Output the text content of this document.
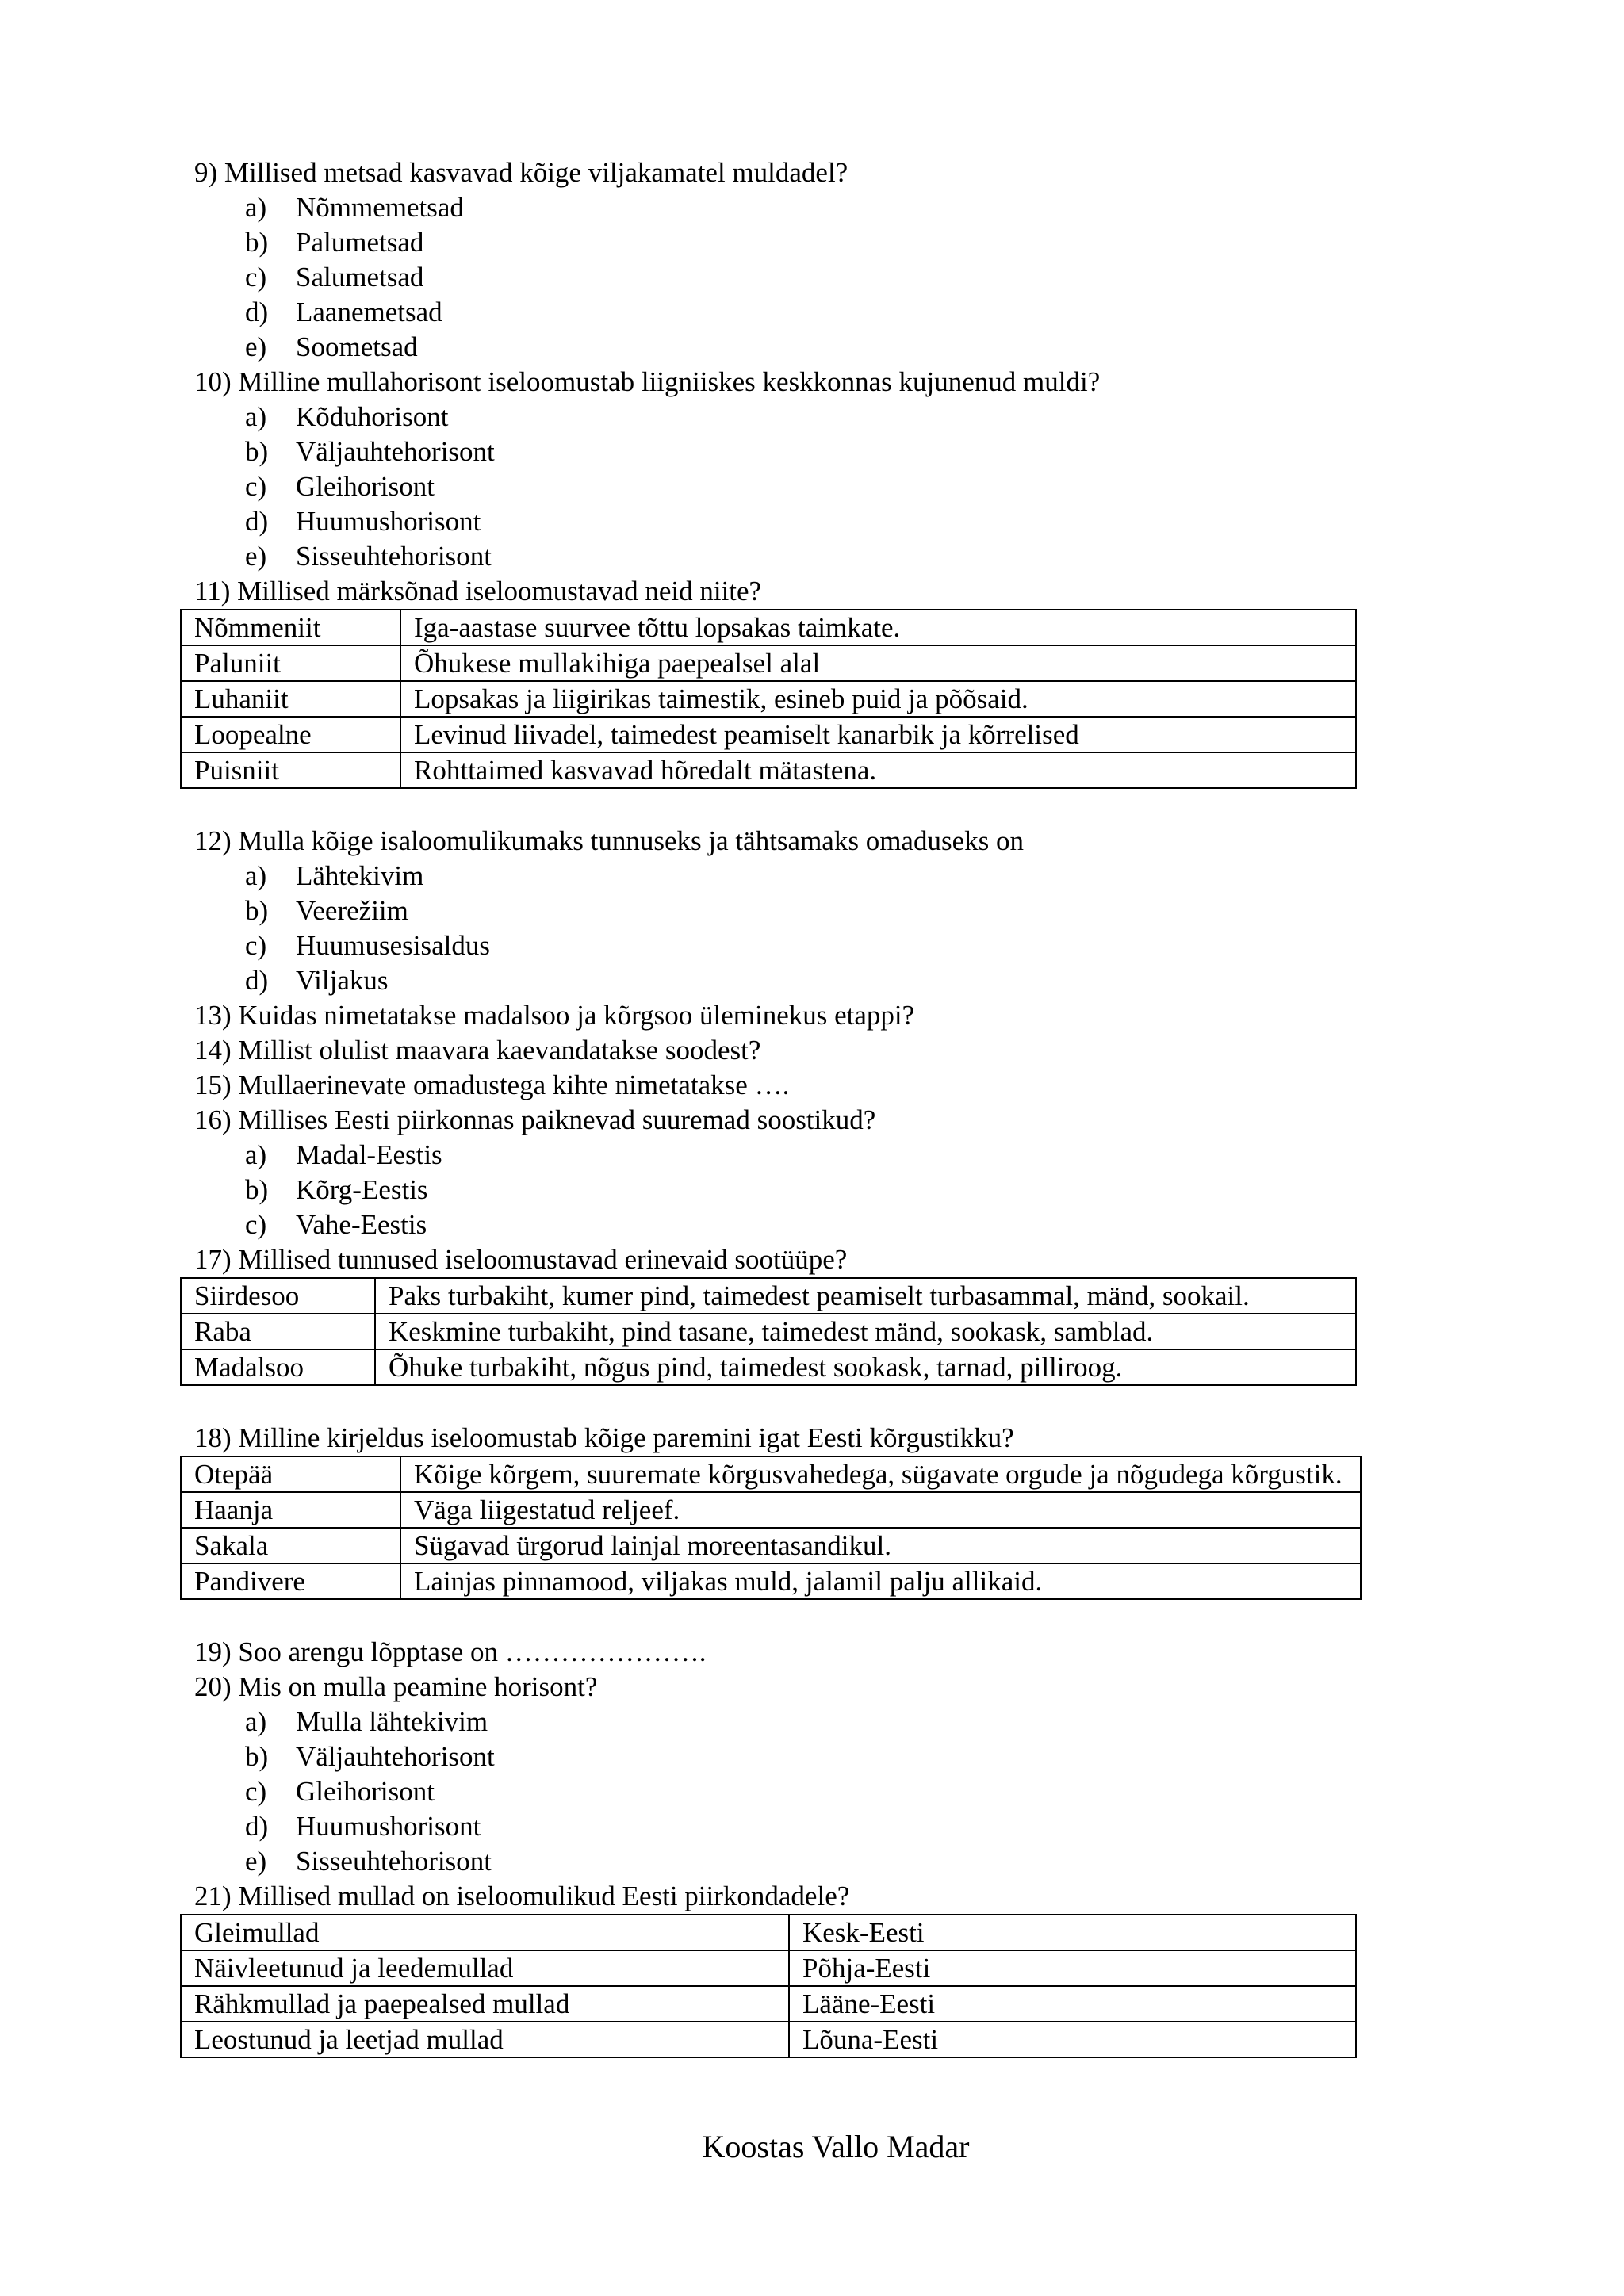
9) Millised metsad kasvavad kõige viljakamatel muldadel?
a) Nõmmemetsad
b) Palumetsad
c) Salumetsad
d) Laanemetsad
e) Soometsad
10) Milline mullahorisont iseloomustab liigniiskes keskkonnas kujunenud muldi?
a) Kõduhorisont
b) Väljauhtehorisont
c) Gleihorisont
d) Huumushorisont
e) Sisseuhtehorisont
11) Millised märksõnad iseloomustavad neid niite?
Nõmmeniit	Iga-aastase suurvee tõttu lopsakas taimkate.
Paluniit	Õhukese mullakihiga paepealsel alal
Luhaniit	Lopsakas ja liigirikas taimestik, esineb puid ja põõsaid.
Loopealne	Levinud liivadel, taimedest peamiselt kanarbik ja kõrrelised
Puisniit	Rohttaimed kasvavad hõredalt mätastena.
12) Mulla kõige isaloomulikumaks tunnuseks ja tähtsamaks omaduseks on
a) Lähtekivim
b) Veerežiim
c) Huumusesisaldus
d) Viljakus
13) Kuidas nimetatakse madalsoo ja kõrgsoo üleminekus etappi?
14) Millist olulist maavara kaevandatakse soodest?
15) Mullaerinevate omadustega kihte nimetatakse ….
16) Millises Eesti piirkonnas paiknevad suuremad soostikud?
a) Madal-Eestis
b) Kõrg-Eestis
c) Vahe-Eestis
17) Millised tunnused iseloomustavad erinevaid sootüüpe?
Siirdesoo	Paks turbakiht, kumer pind, taimedest peamiselt turbasammal, mänd, sookail.
Raba	Keskmine turbakiht, pind tasane, taimedest mänd, sookask, samblad.
Madalsoo	Õhuke turbakiht, nõgus pind, taimedest sookask, tarnad, pilliroog.
18) Milline kirjeldus iseloomustab kõige paremini igat Eesti kõrgustikku?
Otepää	Kõige kõrgem, suuremate kõrgusvahedega, sügavate orgude ja nõgudega kõrgustik.
Haanja	Väga liigestatud reljeef.
Sakala	Sügavad ürgorud lainjal moreentasandikul.
Pandivere	Lainjas pinnamood, viljakas muld, jalamil palju allikaid.
19) Soo arengu lõpptase on ………………….
20) Mis on mulla peamine horisont?
a) Mulla lähtekivim
b) Väljauhtehorisont
c) Gleihorisont
d) Huumushorisont
e) Sisseuhtehorisont
21) Millised mullad on iseloomulikud Eesti piirkondadele?
Gleimullad	Kesk-Eesti
Näivleetunud ja leedemullad	Põhja-Eesti
Rähkmullad ja paepealsed mullad	Lääne-Eesti
Leostunud ja leetjad mullad	Lõuna-Eesti
Koostas Vallo Madar
